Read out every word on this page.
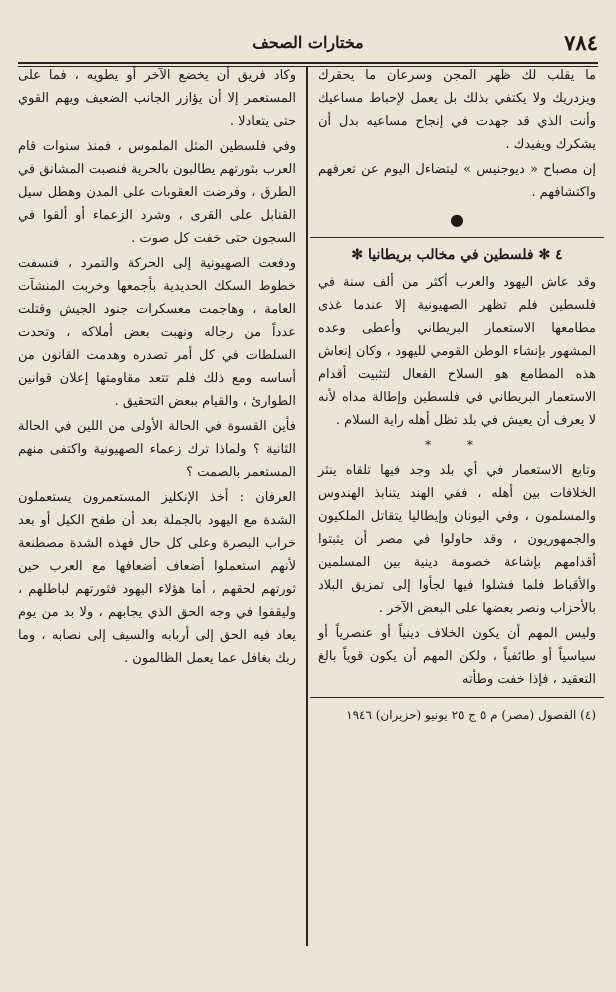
٧٨٤
مختارات الصحف

ما يقلب لك ظهر المجن وسرعان ما يحقرك ويزدريك ولا يكتفي بذلك بل يعمل لإحباط مساعيك وأنت الذي قد جهدت في إنجاح مساعيه بدل أن يشكرك ويفيدك .

إن مصباح « ديوجنيس » ليتضاءل اليوم عن تعرفهم واكتشافهم .

●
٤ ✻ فلسطين في مخالب بريطانيا ✻

وقد عاش اليهود والعرب أكثر من ألف سنة في فلسطين فلم تظهر الصهيونية إلا عندما غذى مطامعها الاستعمار البريطاني وأعطى وعده المشهور بإنشاء الوطن القومي لليهود ، وكان إنعاش هذه المطامع هو السلاح الفعال لتثبيت أقدام الاستعمار البريطاني في فلسطين وإطالة مداه لأنه لا يعرف أن يعيش في بلد تظل أهله راية السلام .

* *

وتابع الاستعمار في أي بلد وجد فيها تلقاه ينثر الخلافات بين أهله ، ففي الهند يتنابذ الهندوس والمسلمون ، وفي اليونان وإيطاليا يتقاتل الملكيون والجمهوريون ، وقد حاولوا في مصر أن يثبتوا أقدامهم بإشاعة خصومة دينية بين المسلمين والأقباط فلما فشلوا فيها لجأوا إلى تمزيق البلاد بالأحزاب ونصر بعضها على البعض الآخر .

وليس المهم أن يكون الخلاف دينياً أو عنصرياً أو سياسياً أو طائفياً ، ولكن المهم أن يكون قوياً بالغ التعقيد ، فإذا خفت وطأته

(٤) الفصول (مصر) م ٥ ج ٢٥ يونيو (حزيران) ١٩٤٦

وكاد فريق أن يخضع الآخر أو يطويه ، فما على المستعمر إلا أن يؤازر الجانب الضعيف ويهم القوي حتى يتعادلا .

وفي فلسطين المثل الملموس ، فمنذ سنوات قام العرب بثورتهم يطالبون بالحرية فنصبت المشانق في الطرق ، وفرضت العقوبات على المدن وهطل سيل القنابل على القرى ، وشرد الزعماء أو ألقوا في السجون حتى خفت كل صوت .

ودفعت الصهيونية إلى الحركة والتمرد ، فنسفت خطوط السكك الحديدية بأجمعها وخربت المنشآت العامة ، وهاجمت معسكرات جنود الجيش وقتلت عدداً من رجاله ونهبت بعض أملاكه ، وتحدت السلطات في كل أمر تصدره وهدمت القانون من أساسه ومع ذلك فلم تتعد مقاومتها إعلان قوانين الطوارئ ، والقيام ببعض التحقيق .

فأين القسوة في الحالة الأولى من اللين في الحالة الثانية ؟ ولماذا ترك زعماء الصهيونية واكتفى منهم المستعمر بالصمت ؟

العرفان : أخذ الإنكليز المستعمرون يستعملون الشدة مع اليهود بالجملة بعد أن طفح الكيل أو بعد خراب البصرة وعلى كل حال فهذه الشدة مصطنعة لأنهم استعملوا أضعاف أضعافها مع العرب حين ثورتهم لحقهم ، أما هؤلاء اليهود فثورتهم لباطلهم ، وليقفوا في وجه الحق الذي يجابهم ، ولا بد من يوم يعاد فيه الحق إلى أربابه والسيف إلى نصابه ، وما ربك بغافل عما يعمل الظالمون .
